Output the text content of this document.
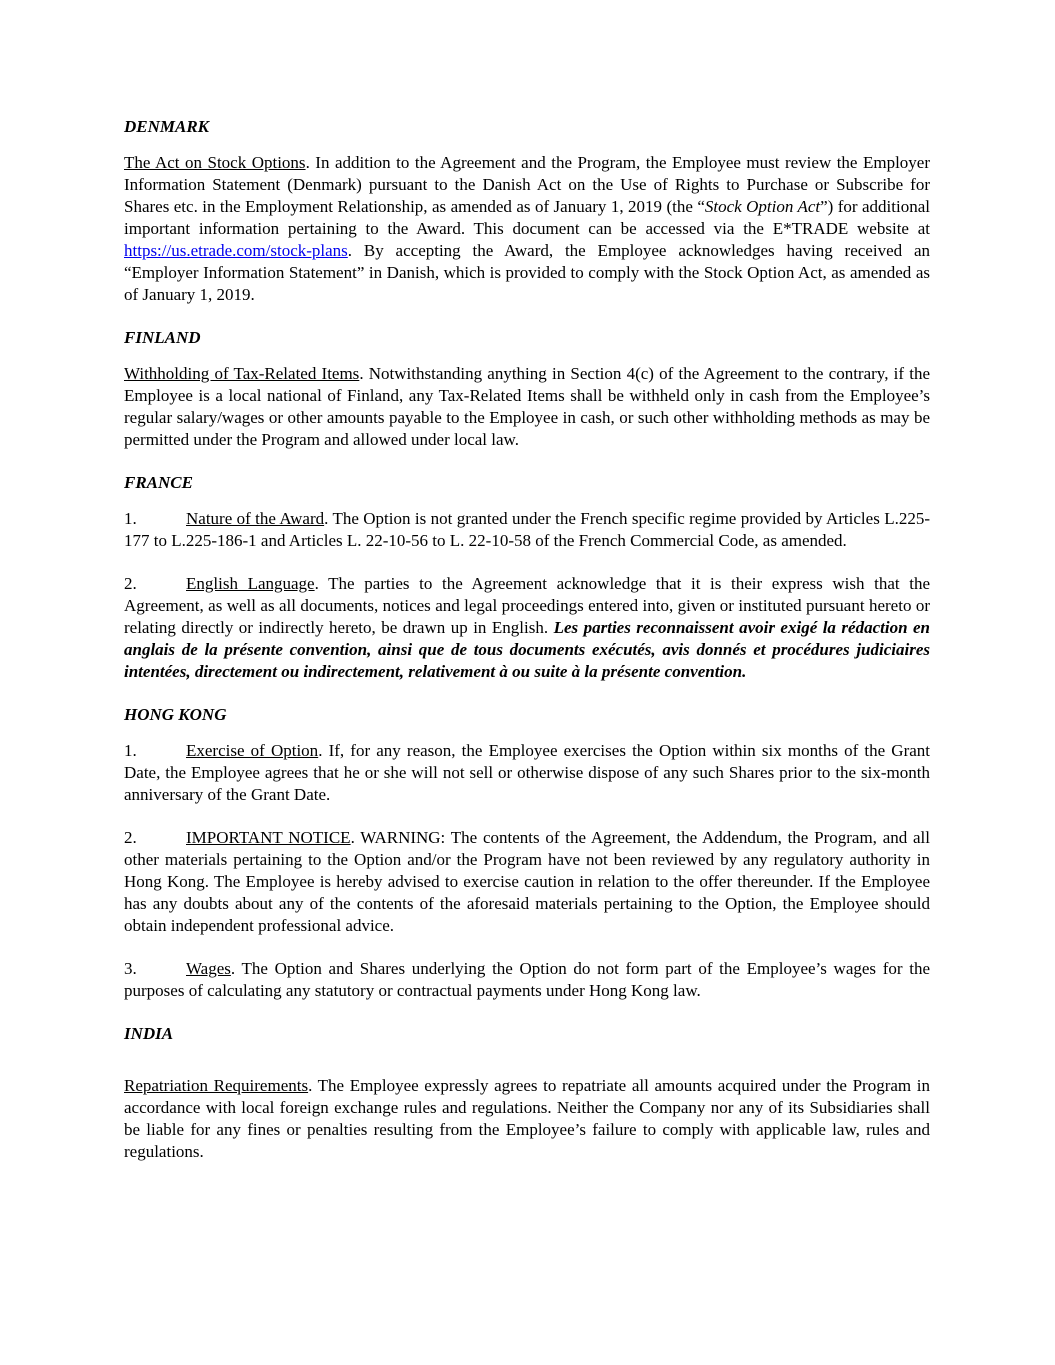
DENMARK

The Act on Stock Options. In addition to the Agreement and the Program, the Employee must review the Employer Information Statement (Denmark) pursuant to the Danish Act on the Use of Rights to Purchase or Subscribe for Shares etc. in the Employment Relationship, as amended as of January 1, 2019 (the “Stock Option Act”) for additional important information pertaining to the Award. This document can be accessed via the E*TRADE website at https://us.etrade.com/stock-plans. By accepting the Award, the Employee acknowledges having received an “Employer Information Statement” in Danish, which is provided to comply with the Stock Option Act, as amended as of January 1, 2019.

FINLAND

Withholding of Tax-Related Items. Notwithstanding anything in Section 4(c) of the Agreement to the contrary, if the Employee is a local national of Finland, any Tax-Related Items shall be withheld only in cash from the Employee’s regular salary/wages or other amounts payable to the Employee in cash, or such other withholding methods as may be permitted under the Program and allowed under local law.

FRANCE

1.	Nature of the Award. The Option is not granted under the French specific regime provided by Articles L.225-177 to L.225-186-1 and Articles L. 22-10-56 to L. 22-10-58 of the French Commercial Code, as amended.

2.	English Language. The parties to the Agreement acknowledge that it is their express wish that the Agreement, as well as all documents, notices and legal proceedings entered into, given or instituted pursuant hereto or relating directly or indirectly hereto, be drawn up in English. Les parties reconnaissent avoir exigé la rédaction en anglais de la présente convention, ainsi que de tous documents exécutés, avis donnés et procédures judiciaires intentées, directement ou indirectement, relativement à ou suite à la présente convention.

HONG KONG

1.	Exercise of Option. If, for any reason, the Employee exercises the Option within six months of the Grant Date, the Employee agrees that he or she will not sell or otherwise dispose of any such Shares prior to the six-month anniversary of the Grant Date.

2.	IMPORTANT NOTICE. WARNING: The contents of the Agreement, the Addendum, the Program, and all other materials pertaining to the Option and/or the Program have not been reviewed by any regulatory authority in Hong Kong. The Employee is hereby advised to exercise caution in relation to the offer thereunder. If the Employee has any doubts about any of the contents of the aforesaid materials pertaining to the Option, the Employee should obtain independent professional advice.

3.	Wages. The Option and Shares underlying the Option do not form part of the Employee’s wages for the purposes of calculating any statutory or contractual payments under Hong Kong law.

INDIA

Repatriation Requirements. The Employee expressly agrees to repatriate all amounts acquired under the Program in accordance with local foreign exchange rules and regulations. Neither the Company nor any of its Subsidiaries shall be liable for any fines or penalties resulting from the Employee’s failure to comply with applicable law, rules and regulations.
